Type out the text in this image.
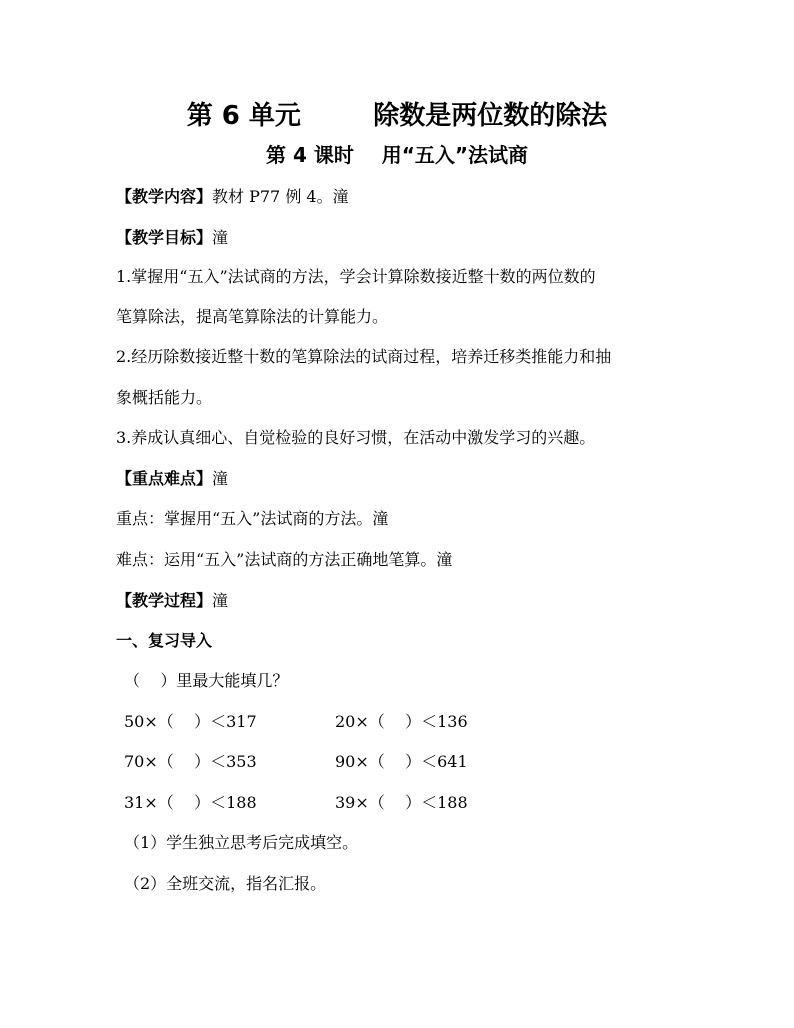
第 6 单元        除数是两位数的除法
第 4 课时    用“五入”法试商
【教学内容】教材 P77 例 4。潼
【教学目标】潼
1.掌握用“五入”法试商的方法，学会计算除数接近整十数的两位数的
笔算除法，提高笔算除法的计算能力。
2.经历除数接近整十数的笔算除法的试商过程，培养迁移类推能力和抽
象概括能力。
3.养成认真细心、自觉检验的良好习惯，在活动中激发学习的兴趣。
【重点难点】潼
重点：掌握用“五入”法试商的方法。潼
难点：运用“五入”法试商的方法正确地笔算。潼
【教学过程】潼
一、复习导入
（    ）里最大能填几？
50×（    ）＜317	20×（    ）＜136
70×（    ）＜353	90×（    ）＜641
31×（    ）＜188	39×（    ）＜188
（1）学生独立思考后完成填空。
（2）全班交流，指名汇报。
